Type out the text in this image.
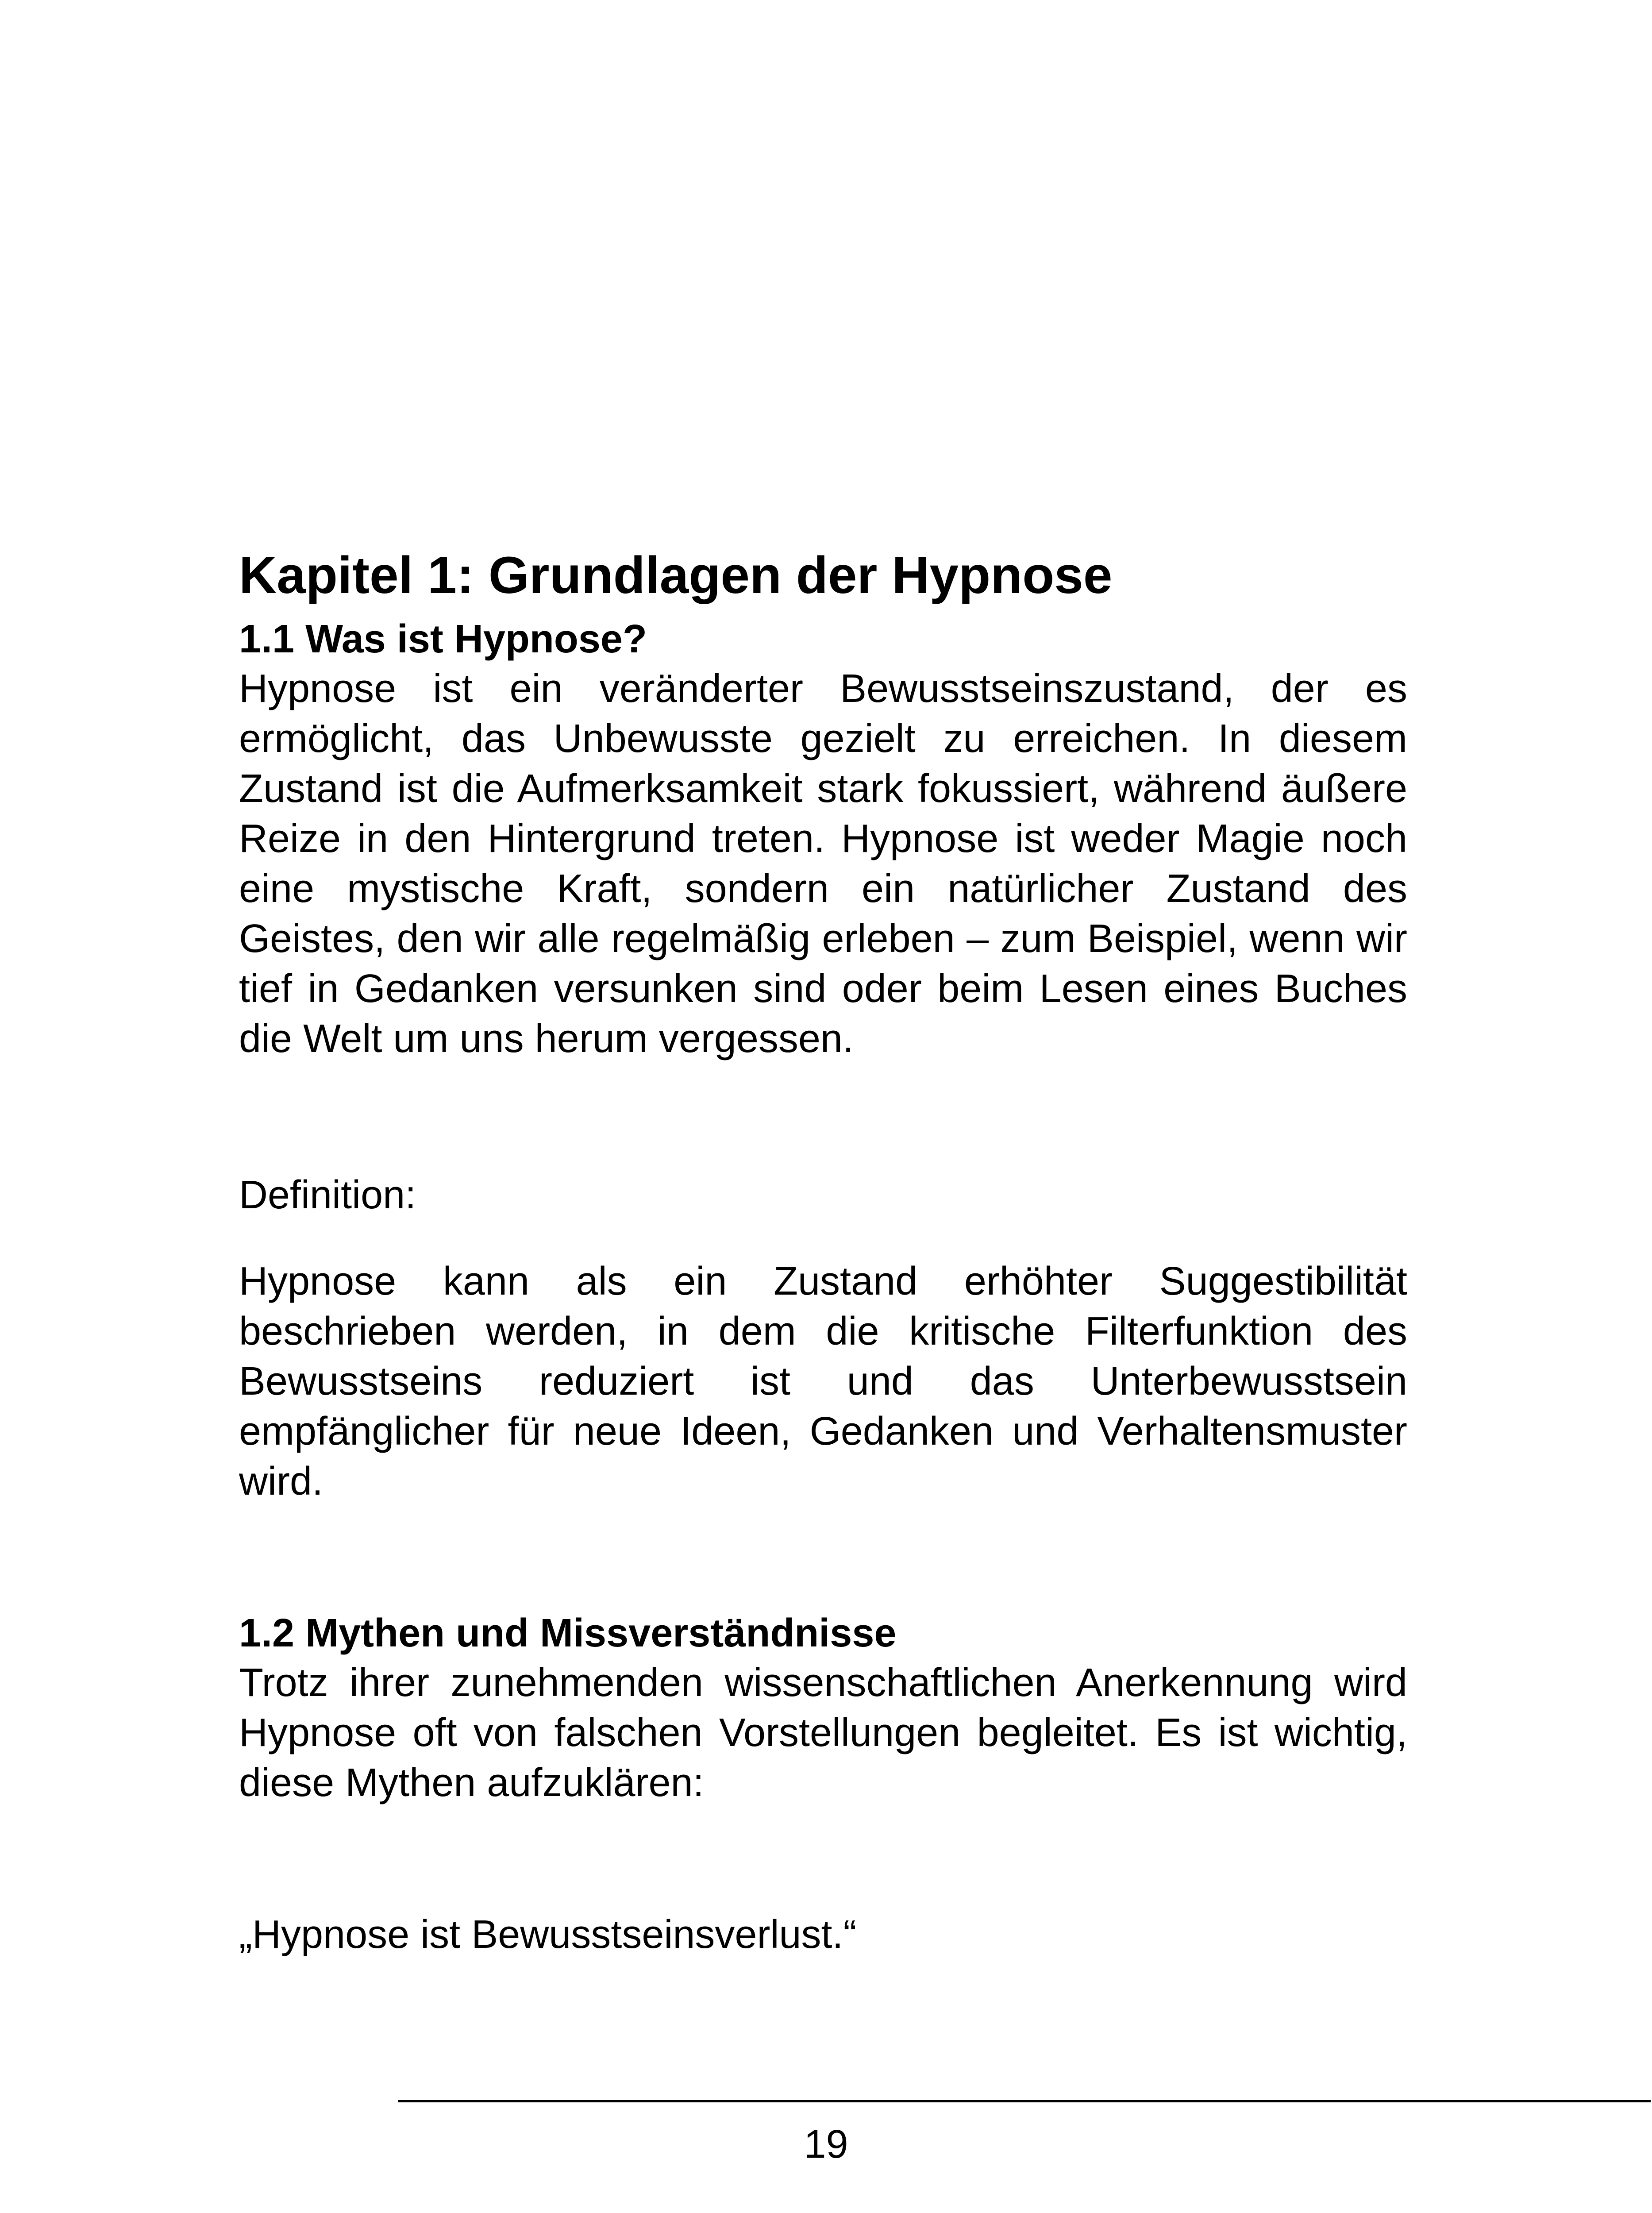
Kapitel 1: Grundlagen der Hypnose
1.1 Was ist Hypnose?

Hypnose ist ein veränderter Bewusstseinszustand, der es ermöglicht, das Unbewusste gezielt zu erreichen. In diesem Zustand ist die Aufmerksamkeit stark fokussiert, während äußere Reize in den Hintergrund treten. Hypnose ist weder Magie noch eine mystische Kraft, sondern ein natürlicher Zustand des Geistes, den wir alle regelmäßig erleben – zum Beispiel, wenn wir tief in Gedanken versunken sind oder beim Lesen eines Buches die Welt um uns herum vergessen.

Definition:

Hypnose kann als ein Zustand erhöhter Suggestibilität beschrieben werden, in dem die kritische Filterfunktion des Bewusstseins reduziert ist und das Unterbewusstsein empfänglicher für neue Ideen, Gedanken und Verhaltensmuster wird.

1.2 Mythen und Missverständnisse

Trotz ihrer zunehmenden wissenschaftlichen Anerkennung wird Hypnose oft von falschen Vorstellungen begleitet. Es ist wichtig, diese Mythen aufzuklären:

„Hypnose ist Bewusstseinsverlust.“

19
